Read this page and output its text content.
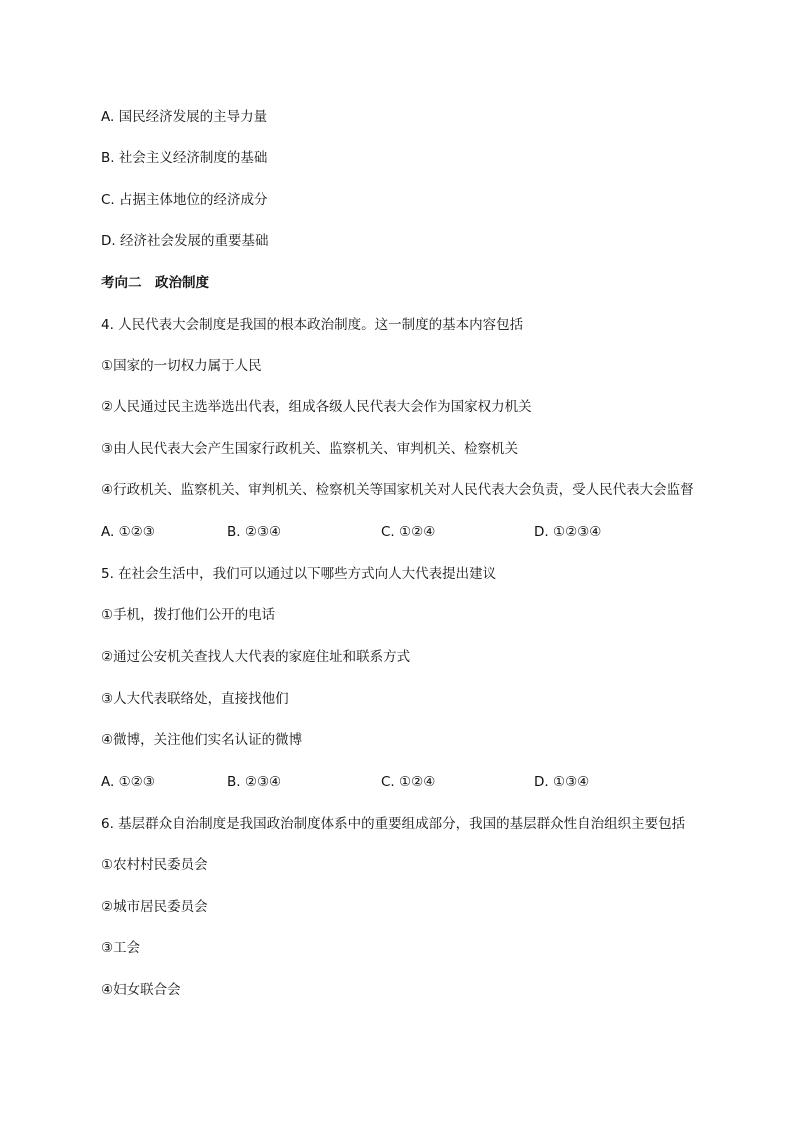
A. 国民经济发展的主导力量
B. 社会主义经济制度的基础
C. 占据主体地位的经济成分
D. 经济社会发展的重要基础
考向二　政治制度
4. 人民代表大会制度是我国的根本政治制度。这一制度的基本内容包括
①国家的一切权力属于人民
②人民通过民主选举选出代表，组成各级人民代表大会作为国家权力机关
③由人民代表大会产生国家行政机关、监察机关、审判机关、检察机关
④行政机关、监察机关、审判机关、检察机关等国家机关对人民代表大会负责，受人民代表大会监督
A. ①②③	B. ②③④	C. ①②④	D. ①②③④
5. 在社会生活中，我们可以通过以下哪些方式向人大代表提出建议
①手机，拨打他们公开的电话
②通过公安机关查找人大代表的家庭住址和联系方式
③人大代表联络处，直接找他们
④微博，关注他们实名认证的微博
A. ①②③	B. ②③④	C. ①②④	D. ①③④
6. 基层群众自治制度是我国政治制度体系中的重要组成部分，我国的基层群众性自治组织主要包括
①农村村民委员会
②城市居民委员会
③工会
④妇女联合会
